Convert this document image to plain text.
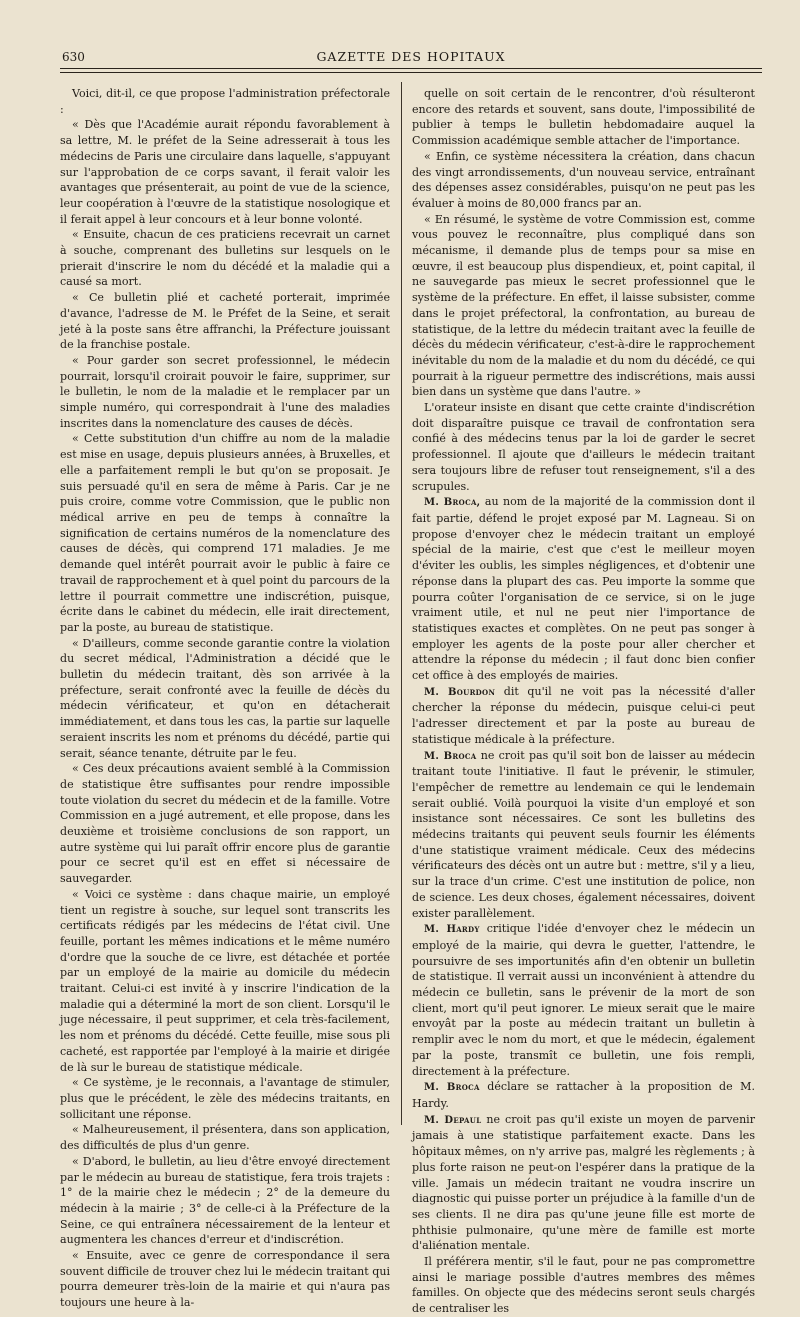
630	GAZETTE DES HOPITAUX

Voici, dit-il, ce que propose l'administration préfectorale :

« Dès que l'Académie aurait répondu favorablement à sa lettre, M. le préfet de la Seine adresserait à tous les médecins de Paris une circulaire dans laquelle, s'appuyant sur l'approbation de ce corps savant, il ferait valoir les avantages que présenterait, au point de vue de la science, leur coopération à l'œuvre de la statistique nosologique et il ferait appel à leur concours et à leur bonne volonté.

« Ensuite, chacun de ces praticiens recevrait un carnet à souche, comprenant des bulletins sur lesquels on le prierait d'inscrire le nom du décédé et la maladie qui a causé sa mort.

« Ce bulletin plié et cacheté porterait, imprimée d'avance, l'adresse de M. le Préfet de la Seine, et serait jeté à la poste sans être affranchi, la Préfecture jouissant de la franchise postale.

« Pour garder son secret professionnel, le médecin pourrait, lorsqu'il croirait pouvoir le faire, supprimer, sur le bulletin, le nom de la maladie et le remplacer par un simple numéro, qui correspondrait à l'une des maladies inscrites dans la nomenclature des causes de décès.

« Cette substitution d'un chiffre au nom de la maladie est mise en usage, depuis plusieurs années, à Bruxelles, et elle a parfaitement rempli le but qu'on se proposait. Je suis persuadé qu'il en sera de même à Paris. Car je ne puis croire, comme votre Commission, que le public non médical arrive en peu de temps à connaître la signification de certains numéros de la nomenclature des causes de décès, qui comprend 171 maladies. Je me demande quel intérêt pourrait avoir le public à faire ce travail de rapprochement et à quel point du parcours de la lettre il pourrait commettre une indiscrétion, puisque, écrite dans le cabinet du médecin, elle irait directement, par la poste, au bureau de statistique.

« D'ailleurs, comme seconde garantie contre la violation du secret médical, l'Administration a décidé que le bulletin du médecin traitant, dès son arrivée à la préfecture, serait confronté avec la feuille de décès du médecin vérificateur, et qu'on en détacherait immédiatement, et dans tous les cas, la partie sur laquelle seraient inscrits les nom et prénoms du décédé, partie qui serait, séance tenante, détruite par le feu.

« Ces deux précautions avaient semblé à la Commission de statistique être suffisantes pour rendre impossible toute violation du secret du médecin et de la famille. Votre Commission en a jugé autrement, et elle propose, dans les deuxième et troisième conclusions de son rapport, un autre système qui lui paraît offrir encore plus de garantie pour ce secret qu'il est en effet si nécessaire de sauvegarder.

« Voici ce système : dans chaque mairie, un employé tient un registre à souche, sur lequel sont transcrits les certificats rédigés par les médecins de l'état civil. Une feuille, portant les mêmes indications et le même numéro d'ordre que la souche de ce livre, est détachée et portée par un employé de la mairie au domicile du médecin traitant. Celui-ci est invité à y inscrire l'indication de la maladie qui a déterminé la mort de son client. Lorsqu'il le juge nécessaire, il peut supprimer, et cela très-facilement, les nom et prénoms du décédé. Cette feuille, mise sous pli cacheté, est rapportée par l'employé à la mairie et dirigée de là sur le bureau de statistique médicale.

« Ce système, je le reconnais, a l'avantage de stimuler, plus que le précédent, le zèle des médecins traitants, en sollicitant une réponse.

« Malheureusement, il présentera, dans son application, des difficultés de plus d'un genre.

« D'abord, le bulletin, au lieu d'être envoyé directement par le médecin au bureau de statistique, fera trois trajets : 1° de la mairie chez le médecin ; 2° de la demeure du médecin à la mairie ; 3° de celle-ci à la Préfecture de la Seine, ce qui entraînera nécessairement de la lenteur et augmentera les chances d'erreur et d'indiscrétion.

« Ensuite, avec ce genre de correspondance il sera souvent difficile de trouver chez lui le médecin traitant qui pourra demeurer très-loin de la mairie et qui n'aura pas toujours une heure à la-

quelle on soit certain de le rencontrer, d'où résulteront encore des retards et souvent, sans doute, l'impossibilité de publier à temps le bulletin hebdomadaire auquel la Commission académique semble attacher de l'importance.

« Enfin, ce système nécessitera la création, dans chacun des vingt arrondissements, d'un nouveau service, entraînant des dépenses assez considérables, puisqu'on ne peut pas les évaluer à moins de 80,000 francs par an.

« En résumé, le système de votre Commission est, comme vous pouvez le reconnaître, plus compliqué dans son mécanisme, il demande plus de temps pour sa mise en œuvre, il est beaucoup plus dispendieux, et, point capital, il ne sauvegarde pas mieux le secret professionnel que le système de la préfecture. En effet, il laisse subsister, comme dans le projet préfectoral, la confrontation, au bureau de statistique, de la lettre du médecin traitant avec la feuille de décès du médecin vérificateur, c'est-à-dire le rapprochement inévitable du nom de la maladie et du nom du décédé, ce qui pourrait à la rigueur permettre des indiscrétions, mais aussi bien dans un système que dans l'autre. »

L'orateur insiste en disant que cette crainte d'indiscrétion doit disparaître puisque ce travail de confrontation sera confié à des médecins tenus par la loi de garder le secret professionnel. Il ajoute que d'ailleurs le médecin traitant sera toujours libre de refuser tout renseignement, s'il a des scrupules.

M. Broca, au nom de la majorité de la commission dont il fait partie, défend le projet exposé par M. Lagneau. Si on propose d'envoyer chez le médecin traitant un employé spécial de la mairie, c'est que c'est le meilleur moyen d'éviter les oublis, les simples négligences, et d'obtenir une réponse dans la plupart des cas. Peu importe la somme que pourra coûter l'organisation de ce service, si on le juge vraiment utile, et nul ne peut nier l'importance de statistiques exactes et complètes. On ne peut pas songer à employer les agents de la poste pour aller chercher et attendre la réponse du médecin ; il faut donc bien confier cet office à des employés de mairies.

M. Bourdon dit qu'il ne voit pas la nécessité d'aller chercher la réponse du médecin, puisque celui-ci peut l'adresser directement et par la poste au bureau de statistique médicale à la préfecture.

M. Broca ne croit pas qu'il soit bon de laisser au médecin traitant toute l'initiative. Il faut le prévenir, le stimuler, l'empêcher de remettre au lendemain ce qui le lendemain serait oublié. Voilà pourquoi la visite d'un employé et son insistance sont nécessaires. Ce sont les bulletins des médecins traitants qui peuvent seuls fournir les éléments d'une statistique vraiment médicale. Ceux des médecins vérificateurs des décès ont un autre but : mettre, s'il y a lieu, sur la trace d'un crime. C'est une institution de police, non de science. Les deux choses, également nécessaires, doivent exister parallèlement.

M. Hardy critique l'idée d'envoyer chez le médecin un employé de la mairie, qui devra le guetter, l'attendre, le poursuivre de ses importunités afin d'en obtenir un bulletin de statistique. Il verrait aussi un inconvénient à attendre du médecin ce bulletin, sans le prévenir de la mort de son client, mort qu'il peut ignorer. Le mieux serait que le maire envoyât par la poste au médecin traitant un bulletin à remplir avec le nom du mort, et que le médecin, également par la poste, transmît ce bulletin, une fois rempli, directement à la préfecture.

M. Broca déclare se rattacher à la proposition de M. Hardy.

M. Depaul ne croit pas qu'il existe un moyen de parvenir jamais à une statistique parfaitement exacte. Dans les hôpitaux mêmes, on n'y arrive pas, malgré les règlements ; à plus forte raison ne peut-on l'espérer dans la pratique de la ville. Jamais un médecin traitant ne voudra inscrire un diagnostic qui puisse porter un préjudice à la famille d'un de ses clients. Il ne dira pas qu'une jeune fille est morte de phthisie pulmonaire, qu'une mère de famille est morte d'aliénation mentale.

Il préférera mentir, s'il le faut, pour ne pas compromettre ainsi le mariage possible d'autres membres des mêmes familles. On objecte que des médecins seront seuls chargés de centraliser les
